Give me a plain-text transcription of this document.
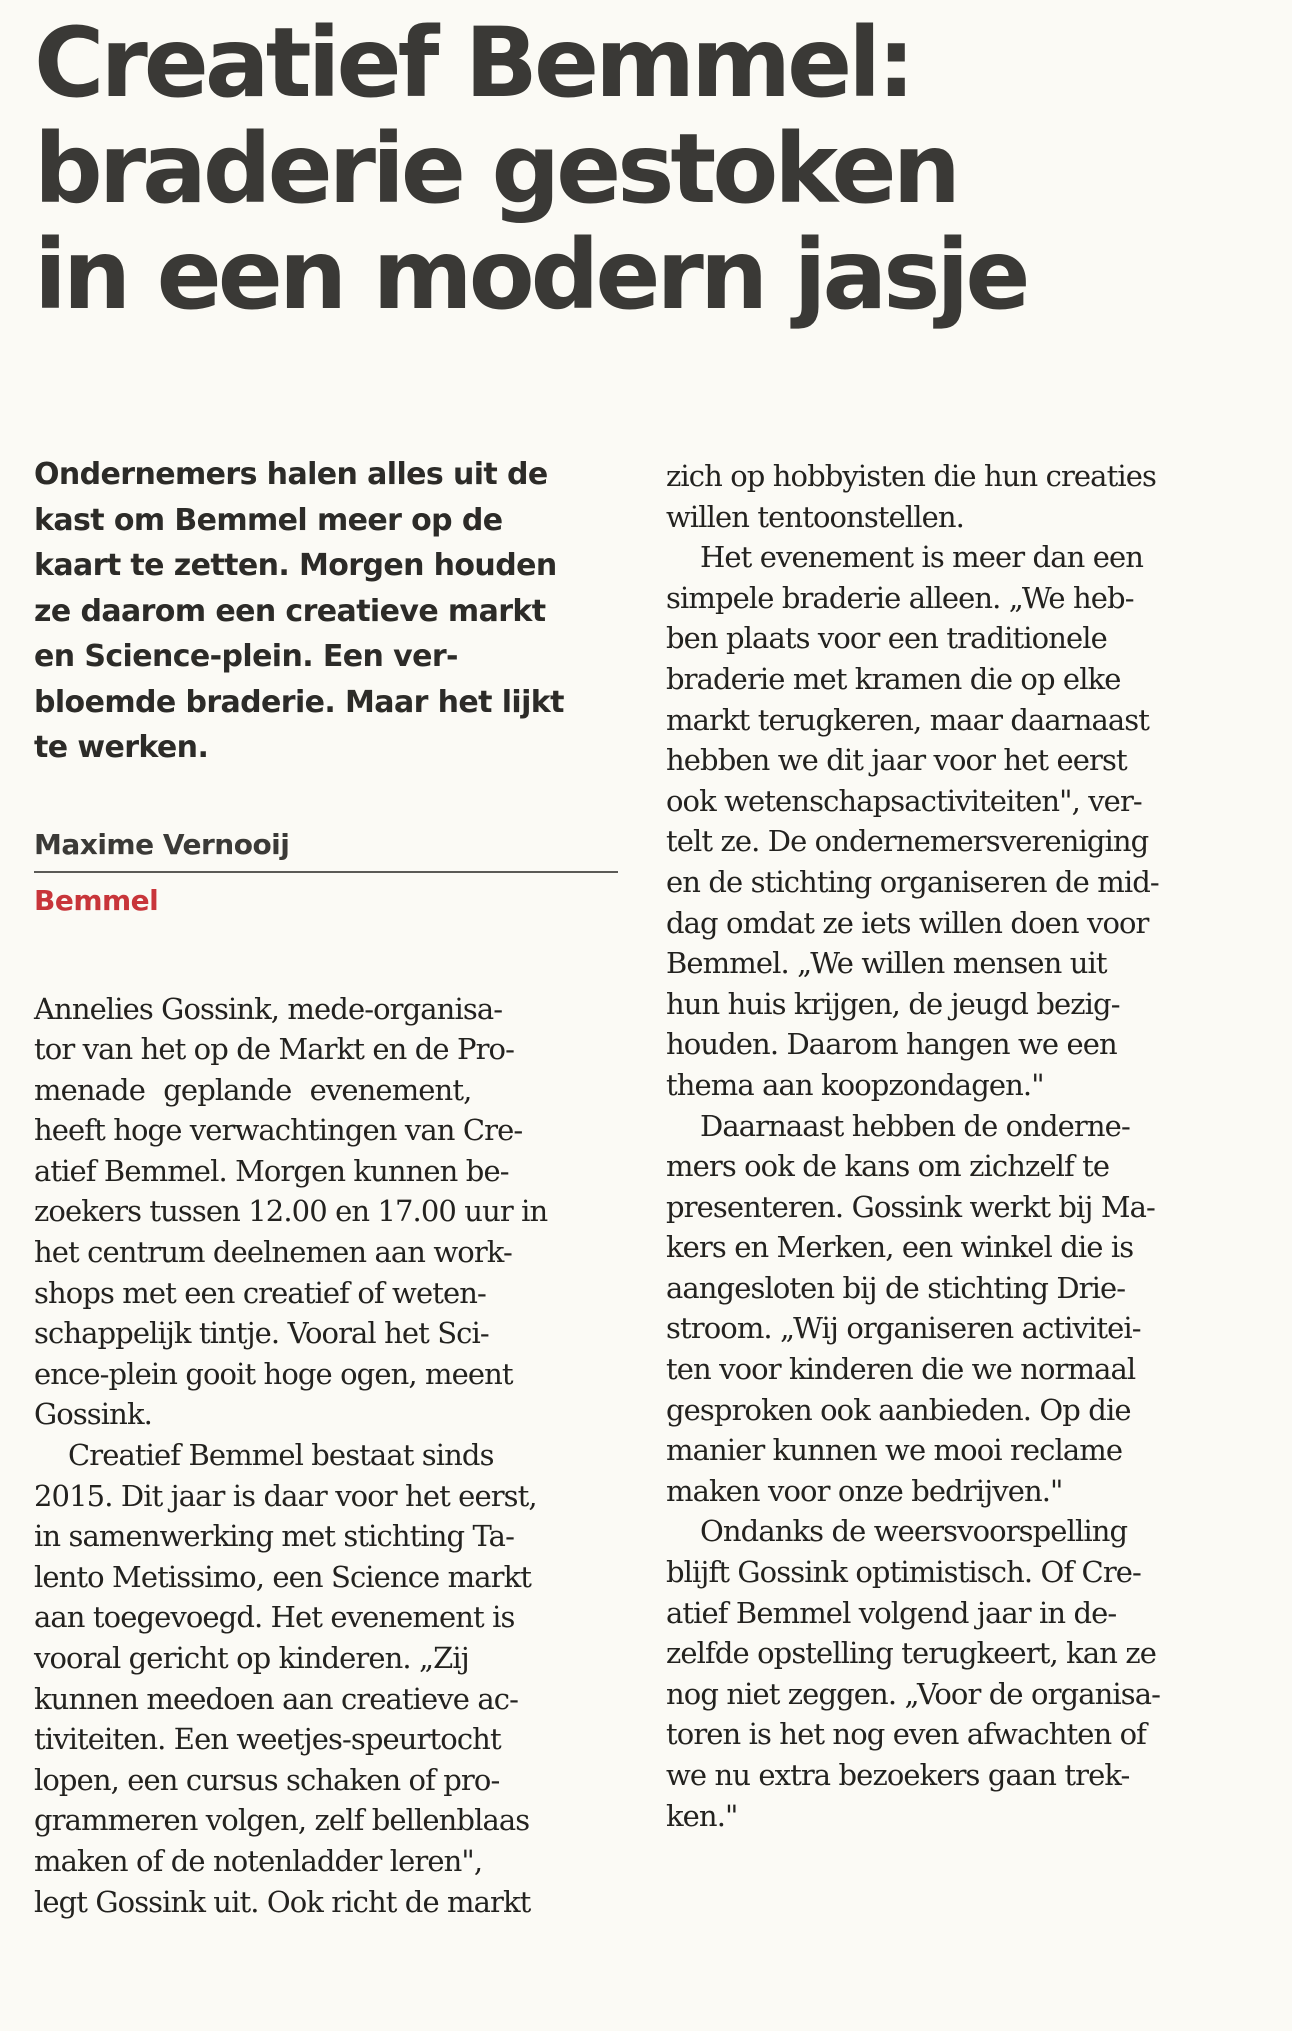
Creatief Bemmel:
braderie gestoken
in een modern jasje

Ondernemers halen alles uit de
kast om Bemmel meer op de
kaart te zetten. Morgen houden
ze daarom een creatieve markt
en Science-plein. Een ver-
bloemde braderie. Maar het lijkt
te werken.

Maxime Vernooij
Bemmel
Annelies Gossink, mede-organisa-
tor van het op de Markt en de Pro-
menade geplande evenement,
heeft hoge verwachtingen van Cre-
atief Bemmel. Morgen kunnen be-
zoekers tussen 12.00 en 17.00 uur in
het centrum deelnemen aan work-
shops met een creatief of weten-
schappelijk tintje. Vooral het Sci-
ence-plein gooit hoge ogen, meent
Gossink.
Creatief Bemmel bestaat sinds
2015. Dit jaar is daar voor het eerst,
in samenwerking met stichting Ta-
lento Metissimo, een Science markt
aan toegevoegd. Het evenement is
vooral gericht op kinderen. „Zij
kunnen meedoen aan creatieve ac-
tiviteiten. Een weetjes-speurtocht
lopen, een cursus schaken of pro-
grammeren volgen, zelf bellenblaas
maken of de notenladder leren",
legt Gossink uit. Ook richt de markt
zich op hobbyisten die hun creaties
willen tentoonstellen.
Het evenement is meer dan een
simpele braderie alleen. „We heb-
ben plaats voor een traditionele
braderie met kramen die op elke
markt terugkeren, maar daarnaast
hebben we dit jaar voor het eerst
ook wetenschapsactiviteiten", ver-
telt ze. De ondernemersvereniging
en de stichting organiseren de mid-
dag omdat ze iets willen doen voor
Bemmel. „We willen mensen uit
hun huis krijgen, de jeugd bezig-
houden. Daarom hangen we een
thema aan koopzondagen."
Daarnaast hebben de onderne-
mers ook de kans om zichzelf te
presenteren. Gossink werkt bij Ma-
kers en Merken, een winkel die is
aangesloten bij de stichting Drie-
stroom. „Wij organiseren activitei-
ten voor kinderen die we normaal
gesproken ook aanbieden. Op die
manier kunnen we mooi reclame
maken voor onze bedrijven."
Ondanks de weersvoorspelling
blijft Gossink optimistisch. Of Cre-
atief Bemmel volgend jaar in de-
zelfde opstelling terugkeert, kan ze
nog niet zeggen. „Voor de organisa-
toren is het nog even afwachten of
we nu extra bezoekers gaan trek-
ken."
